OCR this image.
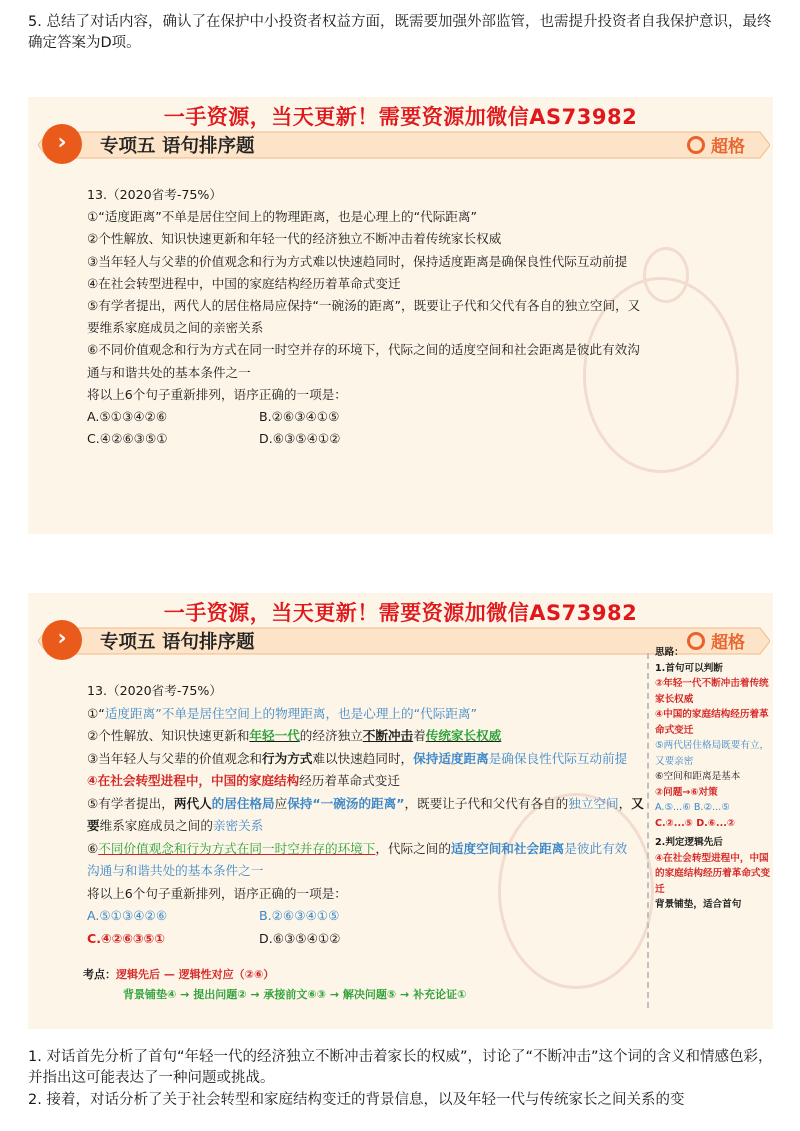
5. 总结了对话内容，确认了在保护中小投资者权益方面，既需要加强外部监管，也需提升投资者自我保护意识，最终确定答案为D项。

一手资源，当天更新！需要资源加微信AS73982
›	专项五 语句排序题	超格

13.（2020省考-75%）

①“适度距离”不单是居住空间上的物理距离，也是心理上的“代际距离”

②个性解放、知识快速更新和年轻一代的经济独立不断冲击着传统家长权威

③当年轻人与父辈的价值观念和行为方式难以快速趋同时，保持适度距离是确保良性代际互动前提

④在社会转型进程中，中国的家庭结构经历着革命式变迁

⑤有学者提出，两代人的居住格局应保持“一碗汤的距离”，既要让子代和父代有各自的独立空间，又要维系家庭成员之间的亲密关系

⑥不同价值观念和行为方式在同一时空并存的环境下，代际之间的适度空间和社会距离是彼此有效沟通与和谐共处的基本条件之一

将以上6个句子重新排列，语序正确的一项是：

A.⑤①③④②⑥	B.②⑥③④①⑤

C.④②⑥③⑤①	D.⑥③⑤④①②

一手资源，当天更新！需要资源加微信AS73982
›	专项五 语句排序题	超格

13.（2020省考-75%）

①“适度距离”不单是居住空间上的物理距离，也是心理上的“代际距离”

②个性解放、知识快速更新和年轻一代的经济独立不断冲击着传统家长权威

③当年轻人与父辈的价值观念和行为方式难以快速趋同时，保持适度距离是确保良性代际互动前提

④在社会转型进程中，中国的家庭结构经历着革命式变迁

⑤有学者提出，两代人的居住格局应保持“一碗汤的距离”，既要让子代和父代有各自的独立空间，又要维系家庭成员之间的亲密关系

⑥不同价值观念和行为方式在同一时空并存的环境下，代际之间的适度空间和社会距离是彼此有效
沟通与和谐共处的基本条件之一

将以上6个句子重新排列，语序正确的一项是：

A.⑤①③④②⑥	B.②⑥③④①⑤

C.④②⑥③⑤①	D.⑥③⑤④①②

思路：

1.首句可以判断

②年轻一代不断冲击着传统家长权威

④中国的家庭结构经历着革命式变迁

⑤两代居住格局既要有立，又要亲密

⑥空间和距离是基本

②问题→⑥对策

A.⑤...⑥ B.②...⑤

C.②...⑤ D.⑥...②

2.判定逻辑先后

④在社会转型进程中，中国的家庭结构经历着革命式变迁

背景铺垫，适合首句

考点：逻辑先后 — 逻辑性对应（②⑥）
背景铺垫④ → 提出问题② → 承接前文⑥③ → 解决问题⑤ → 补充论证①

1. 对话首先分析了首句“年轻一代的经济独立不断冲击着家长的权威”，讨论了“不断冲击”这个词的含义和情感色彩，并指出这可能表达了一种问题或挑战。

2. 接着，对话分析了关于社会转型和家庭结构变迁的背景信息，以及年轻一代与传统家长之间关系的变
